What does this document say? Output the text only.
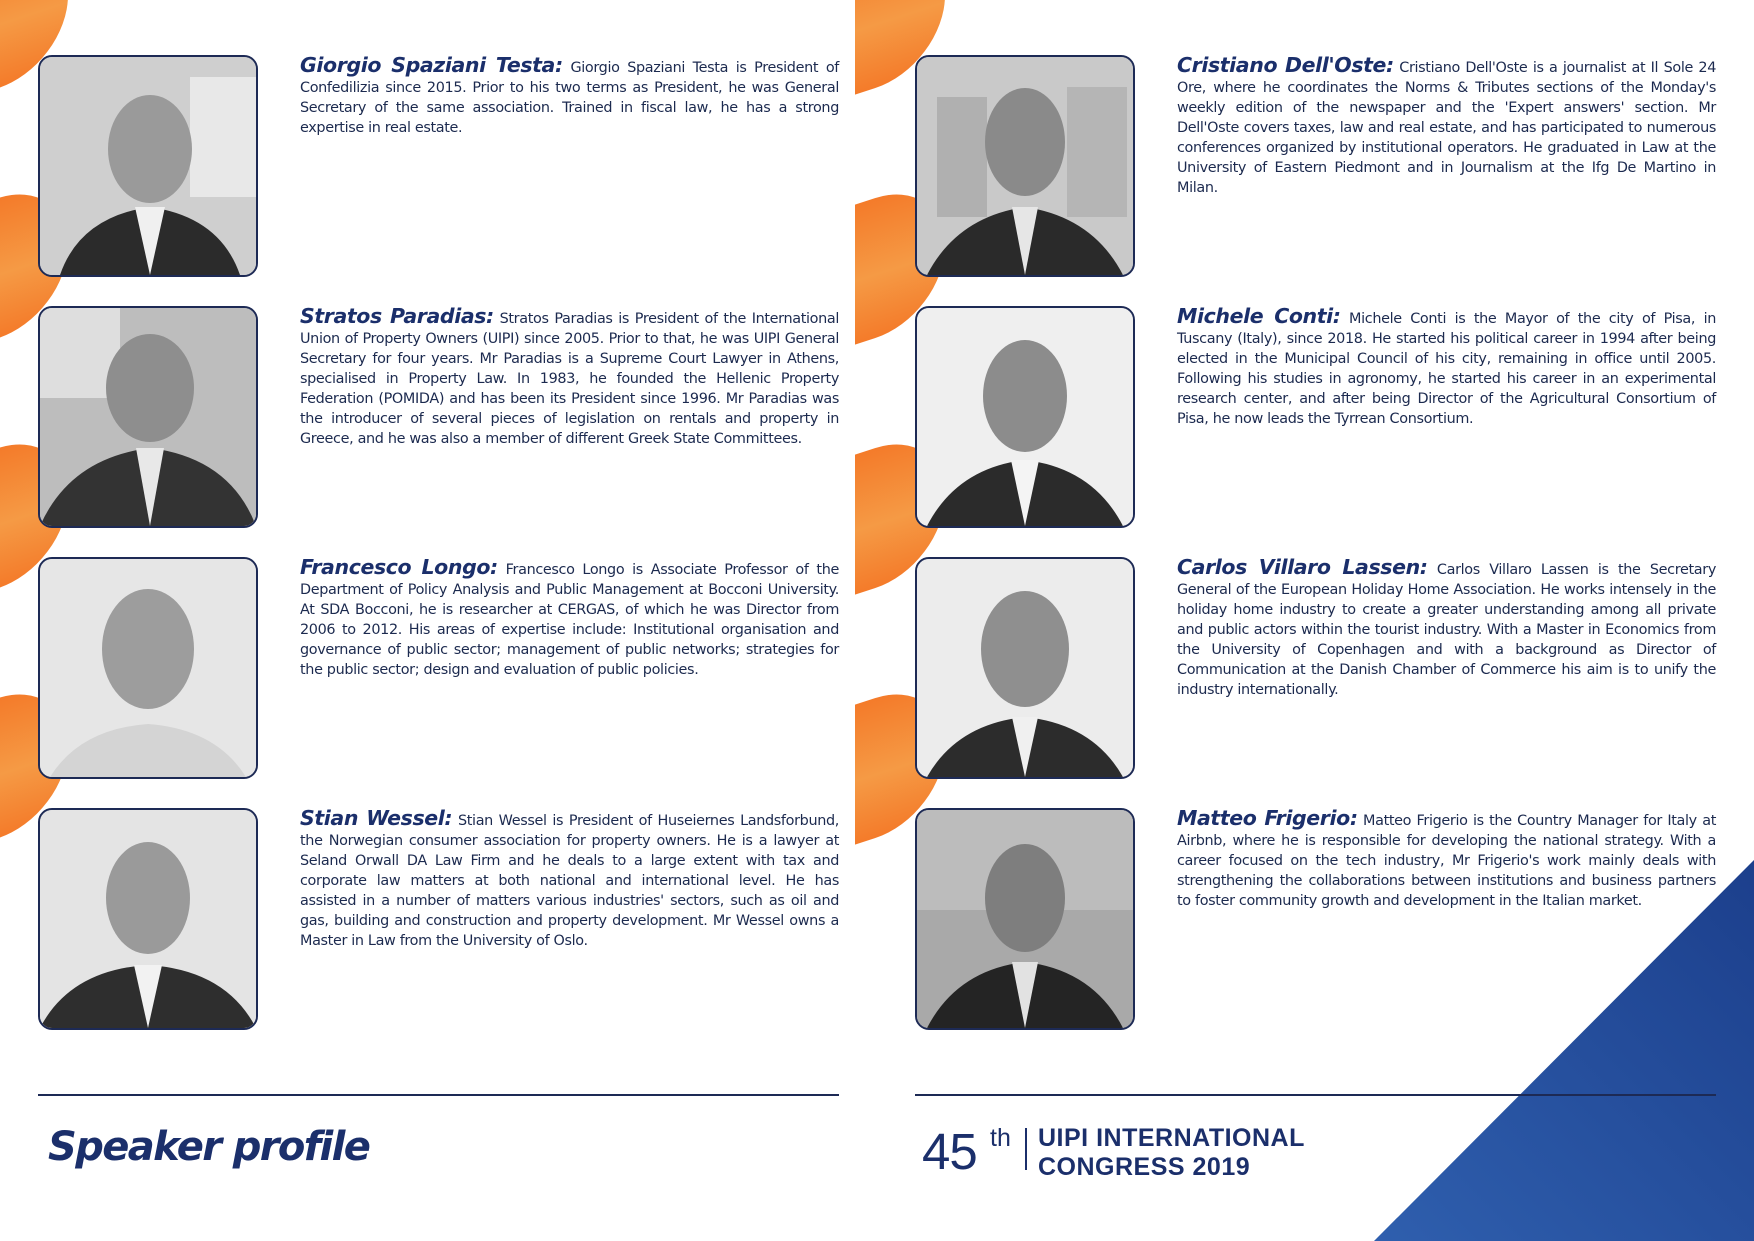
Giorgio Spaziani Testa: Giorgio Spaziani Testa is President of Confedilizia since 2015. Prior to his two terms as President, he was General Secretary of the same association. Trained in fiscal law, he has a strong expertise in real estate.
Stratos Paradias: Stratos Paradias is President of the International Union of Property Owners (UIPI) since 2005. Prior to that, he was UIPI General Secretary for four years. Mr Paradias is a Supreme Court Lawyer in Athens, specialised in Property Law. In 1983, he founded the Hellenic Property Federation (POMIDA) and has been its President since 1996. Mr Paradias was the introducer of several pieces of legislation on rentals and property in Greece, and he was also a member of different Greek State Committees.
Francesco Longo: Francesco Longo is Associate Professor of the Department of Policy Analysis and Public Management at Bocconi University. At SDA Bocconi, he is researcher at CERGAS, of which he was Director from 2006 to 2012. His areas of expertise include: Institutional organisation and governance of public sector; management of public networks; strategies for the public sector; design and evaluation of public policies.
Stian Wessel: Stian Wessel is President of Huseiernes Landsforbund, the Norwegian consumer association for property owners. He is a lawyer at Seland Orwall DA Law Firm and he deals to a large extent with tax and corporate law matters at both national and international level. He has assisted in a number of matters various industries' sectors, such as oil and gas, building and construction and property development. Mr Wessel owns a Master in Law from the University of Oslo.
Speaker profile
Cristiano Dell'Oste: Cristiano Dell'Oste is a journalist at Il Sole 24 Ore, where he coordinates the Norms & Tributes sections of the Monday's weekly edition of the newspaper and the 'Expert answers' section. Mr Dell'Oste covers taxes, law and real estate, and has participated to numerous conferences organized by institutional operators. He graduated in Law at the University of Eastern Piedmont and in Journalism at the Ifg De Martino in Milan.
Michele Conti: Michele Conti is the Mayor of the city of Pisa, in Tuscany (Italy), since 2018. He started his political career in 1994 after being elected in the Municipal Council of his city, remaining in office until 2005. Following his studies in agronomy, he started his career in an experimental research center, and after being Director of the Agricultural Consortium of Pisa, he now leads the Tyrrean Consortium.
Carlos Villaro Lassen: Carlos Villaro Lassen is the Secretary General of the European Holiday Home Association. He works intensely in the holiday home industry to create a greater understanding among all private and public actors within the tourist industry. With a Master in Economics from the University of Copenhagen and with a background as Director of Communication at the Danish Chamber of Commerce his aim is to unify the industry internationally.
Matteo Frigerio: Matteo Frigerio is the Country Manager for Italy at Airbnb, where he is responsible for developing the national strategy. With a career focused on the tech industry, Mr Frigerio's work mainly deals with strengthening the collaborations between institutions and business partners to foster community growth and development in the Italian market.
45 th UIPI INTERNATIONAL
CONGRESS 2019
